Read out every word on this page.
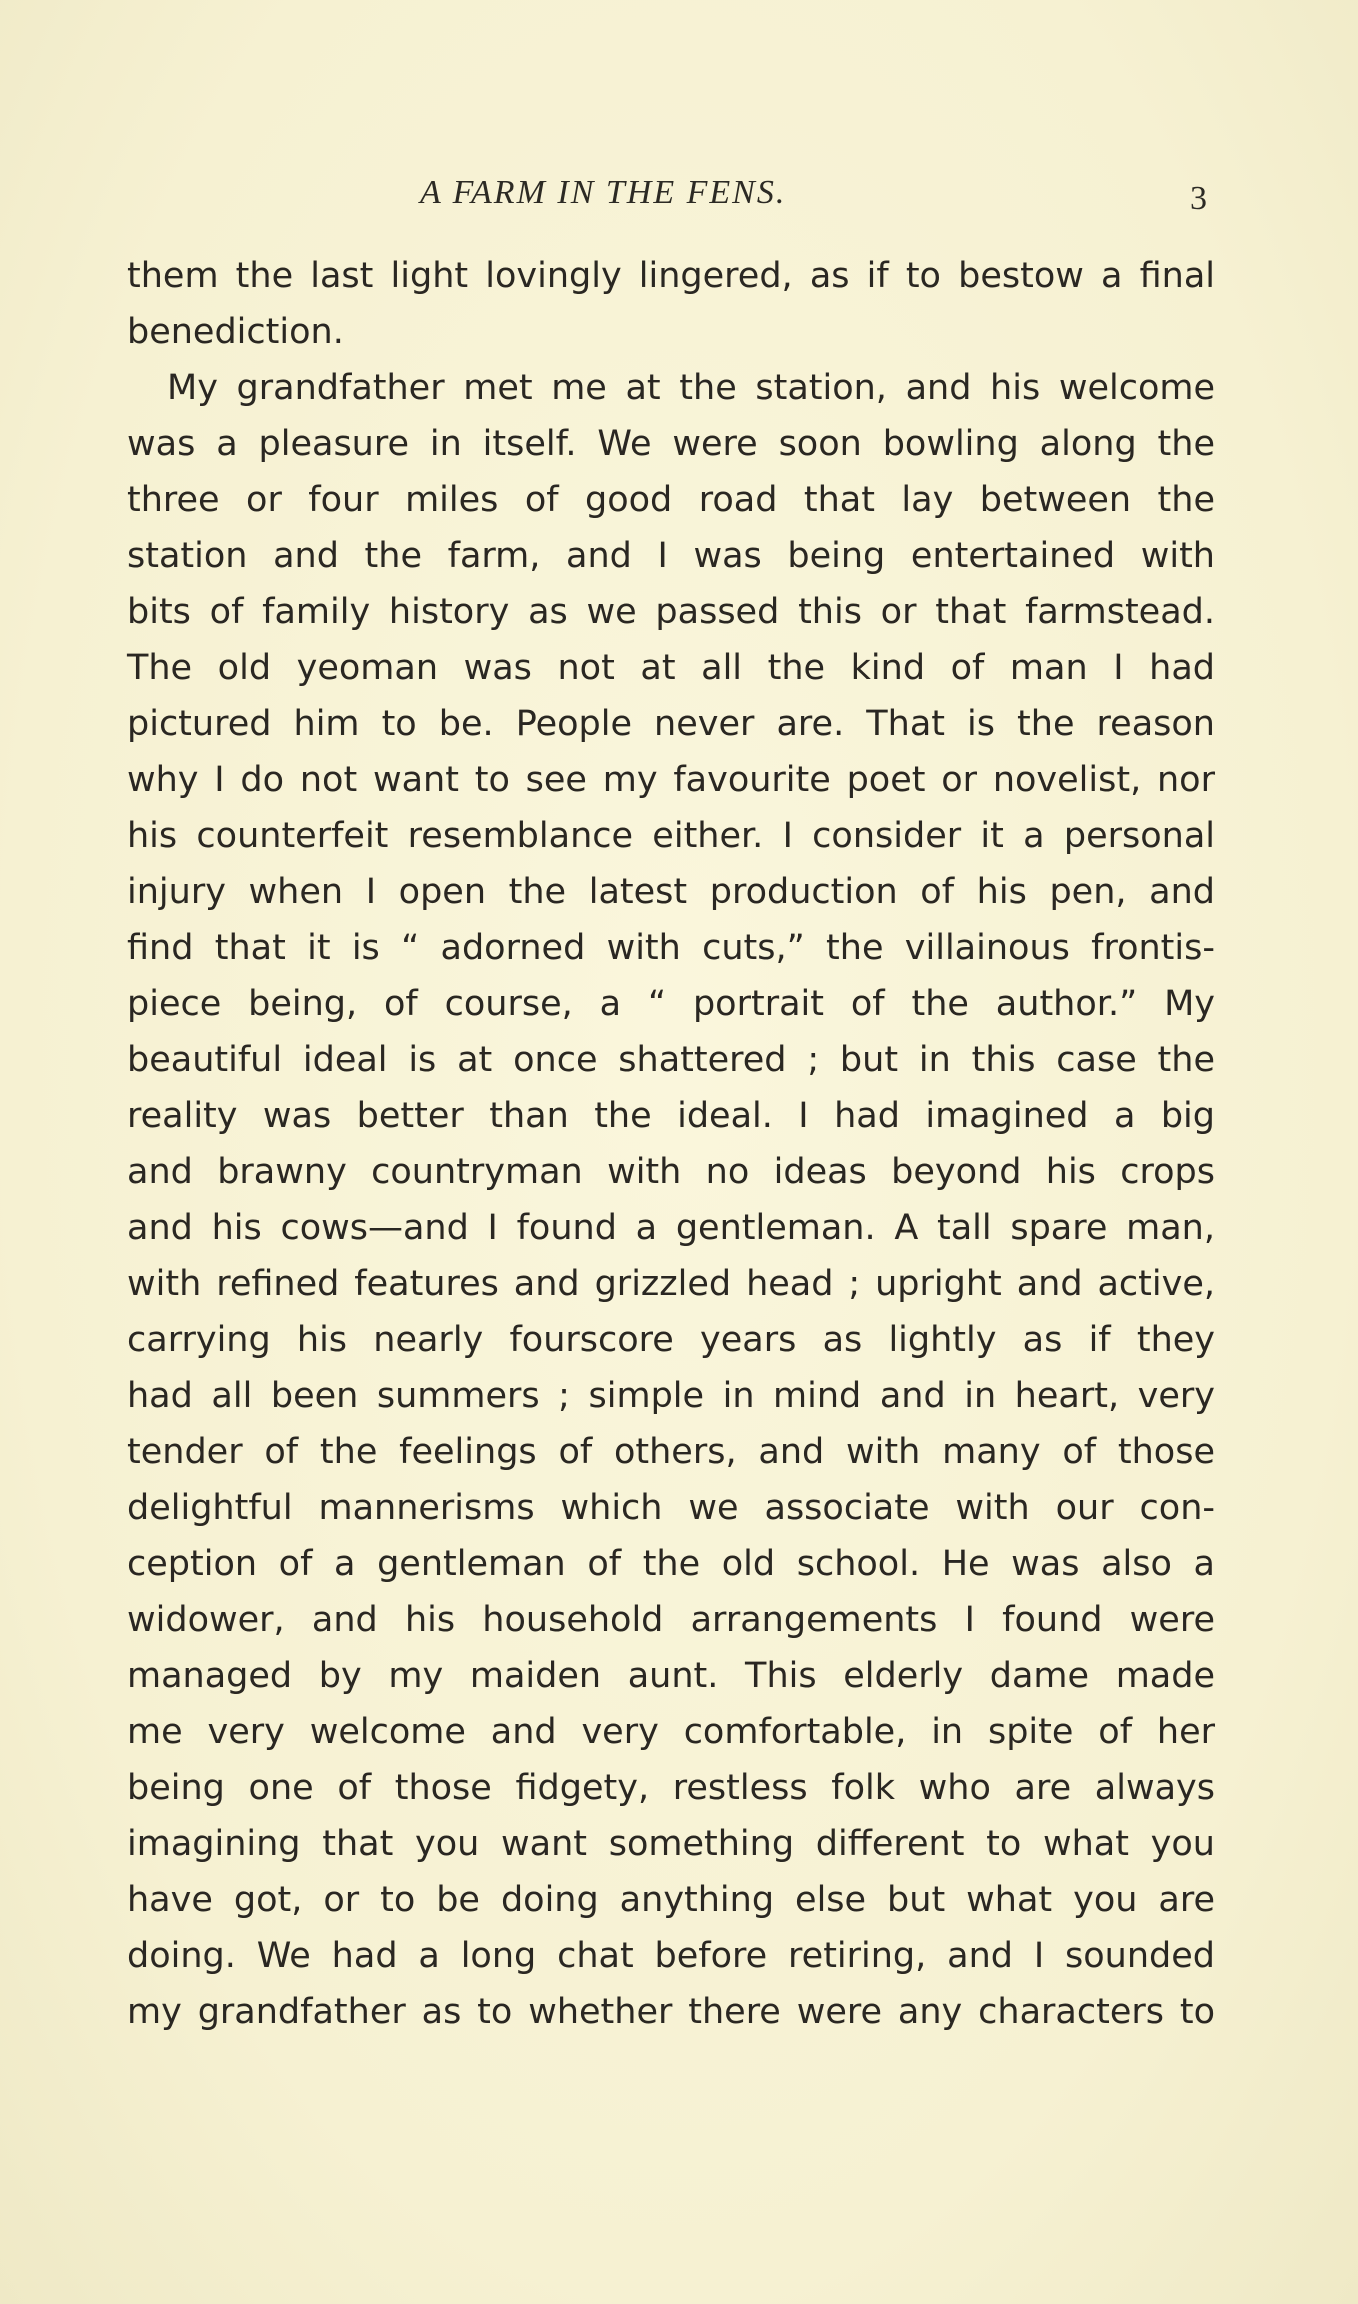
A FARM IN THE FENS.	3
them the last light lovingly lingered, as if to bestow a final
benediction.
My grandfather met me at the station, and his welcome
was a pleasure in itself. We were soon bowling along the
three or four miles of good road that lay between the
station and the farm, and I was being entertained with
bits of family history as we passed this or that farmstead.
The old yeoman was not at all the kind of man I had
pictured him to be. People never are. That is the reason
why I do not want to see my favourite poet or novelist, nor
his counterfeit resemblance either. I consider it a personal
injury when I open the latest production of his pen, and
find that it is “ adorned with cuts,” the villainous frontis-
piece being, of course, a “ portrait of the author.” My
beautiful ideal is at once shattered ; but in this case the
reality was better than the ideal. I had imagined a big
and brawny countryman with no ideas beyond his crops
and his cows—and I found a gentleman. A tall spare man,
with refined features and grizzled head ; upright and active,
carrying his nearly fourscore years as lightly as if they
had all been summers ; simple in mind and in heart, very
tender of the feelings of others, and with many of those
delightful mannerisms which we associate with our con-
ception of a gentleman of the old school. He was also a
widower, and his household arrangements I found were
managed by my maiden aunt. This elderly dame made
me very welcome and very comfortable, in spite of her
being one of those fidgety, restless folk who are always
imagining that you want something different to what you
have got, or to be doing anything else but what you are
doing. We had a long chat before retiring, and I sounded
my grandfather as to whether there were any characters to
